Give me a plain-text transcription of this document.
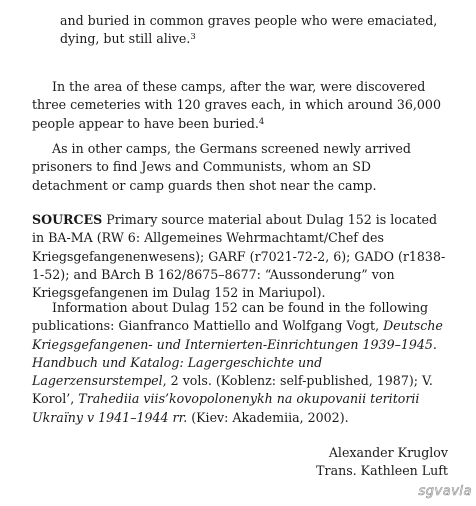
and buried in common graves people who were emaciated,

dying, but still alive.$^3$

In the area of these camps, after the war, were discovered three cemeteries with 120 graves each, in which around 36,000 people appear to have been buried.$^4$

As in other camps, the Germans screened newly arrived prisoners to find Jews and Communists, whom an SD detachment or camp guards then shot near the camp.

SOURCES Primary source material about Dulag 152 is located in BA-MA (RW 6: Allgemeines Wehrmachtamt/Chef des Kriegsgefangenenwesens); GARF (r7021-72-2, 6); GADO (r1838-1-52); and BArch B 162/8675–8677: “Aussonderung” von Kriegsgefangenen im Dulag 152 in Mariupol).

Information about Dulag 152 can be found in the following publications: Gianfranco Mattiello and Wolfgang Vogt, Deutsche Kriegsgefangenen- und Internierten-Einrichtungen 1939–1945. Handbuch und Katalog: Lagergeschichte und Lagerzensurstempel, 2 vols. (Koblenz: self-published, 1987); V. Korol’, Trahediia viis’kovopolonenykh na okupovanii teritorii Ukraïny v 1941–1944 rr. (Kiev: Akademiia, 2002).

Alexander Kruglov
Trans. Kathleen Luft
sgvavia
